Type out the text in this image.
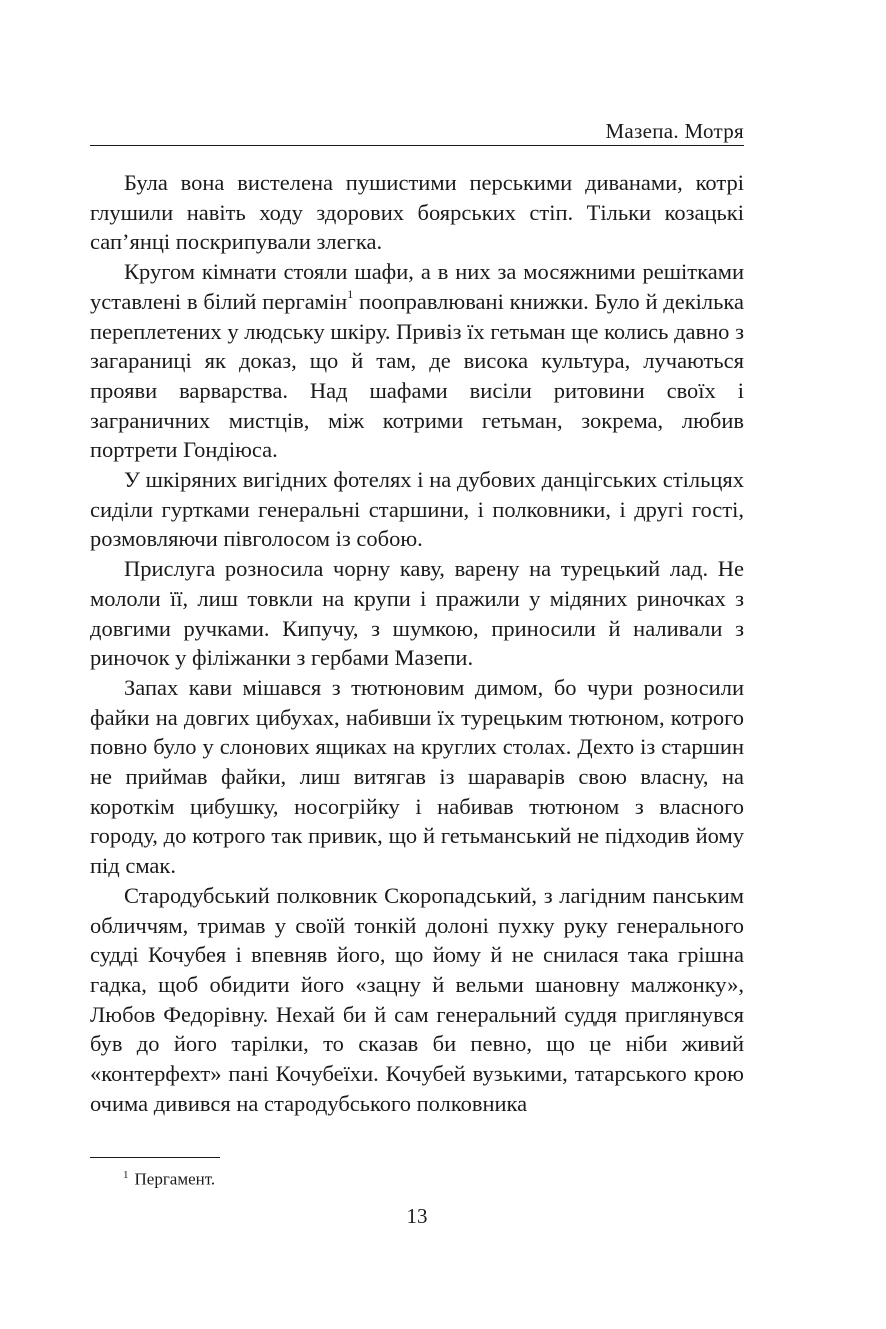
Мазепа. Мотря

Була вона вистелена пушистими перськими диванами, котрі глушили навіть ходу здорових боярських стіп. Тільки козацькі сап’янці поскрипували злегка.

Кругом кімнати стояли шафи, а в них за мосяжними решітками уставлені в білий пергамін$^1$ поопрaвлювані книжки. Було й декілька переплетених у людську шкіру. Привіз їх гетьман ще колись давно з загараниці як доказ, що й там, де висока культура, лучаються прояви варварства. Над шафами висіли ритовини своїх і заграничних мистців, між котрими гетьман, зокрема, любив портрети Гондіюса.

У шкіряних вигідних фотелях і на дубових данцігських стільцях сиділи гуртками генеральні старшини, і полковники, і другі гості, розмовляючи півголосом із собою.

Прислуга розносила чорну каву, варену на турецький лад. Не мололи її, лиш товкли на крупи і пражили у мідяних риночках з довгими ручками. Кипучу, з шумкою, приносили й наливали з риночок у філіжанки з гербами Мазепи.

Запах кави мішався з тютюновим димом, бо чури розносили файки на довгих цибухах, набивши їх турецьким тютюном, котрого повно було у слонових ящиках на круглих столах. Дехто із старшин не приймав файки, лиш витягав із шараварів свою власну, на короткім цибушку, носогрійку і набивав тютюном з власного городу, до котрого так привик, що й гетьманський не підходив йому під смак.

Стародубський полковник Скоропадський, з лагідним панським обличчям, тримав у своїй тонкій долоні пухку руку генерального судді Кочубея і впевняв його, що йому й не снилася така грішна гадка, щоб обидити його «зацну й вельми шановну малжонку», Любов Федорівну. Нехай би й сам генеральний суддя приглянувся був до його тарілки, то сказав би певно, що це ніби живий «контерфехт» пані Кочубеїхи. Кочубей вузькими, татарського крою очима дивився на стародубського полковника

$^1$ Пергамент.
13
